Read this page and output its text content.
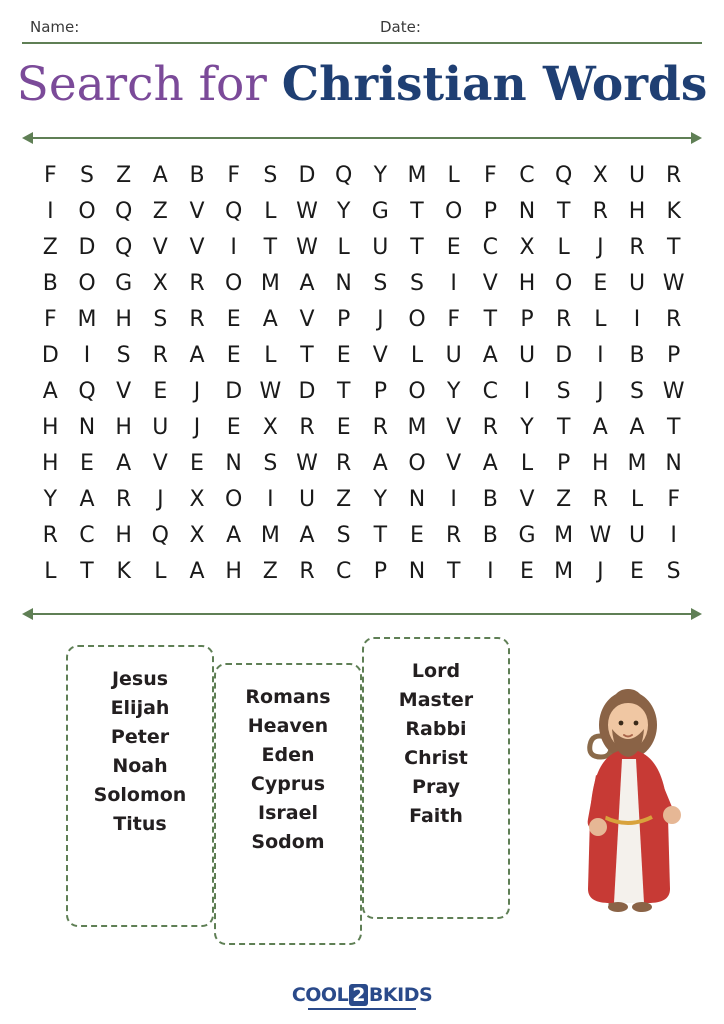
Name:	Date:
Search for Christian Words
F S Z A B F S D Q Y M L F C Q X U R
I O Q Z V Q L W Y G T O P N T R H K
Z D Q V V I T W L U T E C X L J R T
B O G X R O M A N S S I V H O E U W
F M H S R E A V P J O F T P R L I R
D I S R A E L T E V L U A U D I B P
A Q V E J D W D T P O Y C I S J S W
H N H U J E X R E R M V R Y T A A T
H E A V E N S W R A O V A L P H M N
Y A R J X O I U Z Y N I B V Z R L F
R C H Q X A M A S T E R B G M W U I
L T K L A H Z R C P N T I E M J E S
Jesus
Elijah
Peter
Noah
Solomon
Titus
Romans
Heaven
Eden
Cyprus
Israel
Sodom
Lord
Master
Rabbi
Christ
Pray
Faith
COOL 2 BKIDS
